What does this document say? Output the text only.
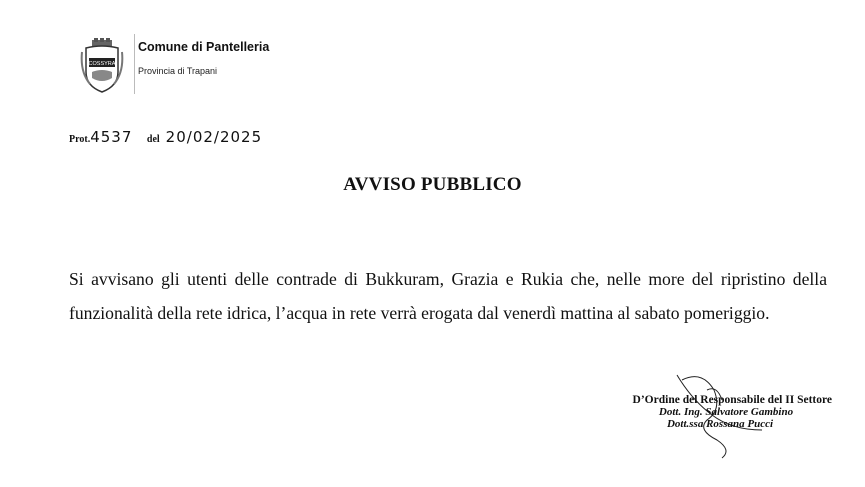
COSSYRA
Comune di Pantelleria
Provincia di Trapani
Prot.4537 del 20/02/2025
AVVISO PUBBLICO
Si avvisano gli utenti delle contrade di Bukkuram, Grazia e Rukia che, nelle more del ripristino della funzionalità della rete idrica, l’acqua in rete verrà erogata dal venerdì mattina al sabato pomeriggio.
D’Ordine del Responsabile del II Settore
Dott. Ing. Salvatore Gambino
Dott.ssa Rossana Pucci
